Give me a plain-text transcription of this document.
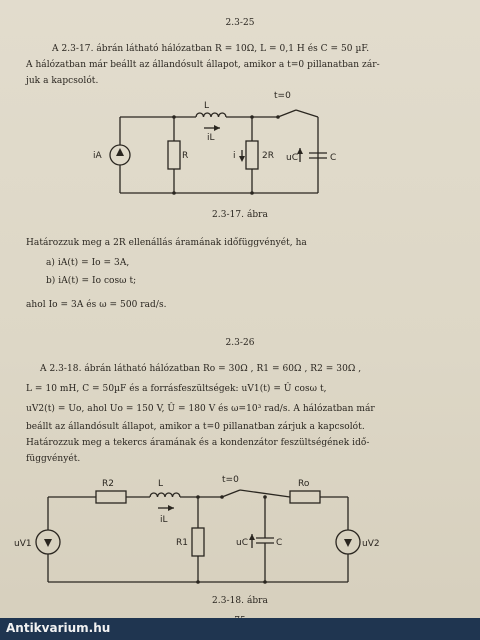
2.3-25
A 2.3-17. ábrán látható hálózatban R = 10Ω, L = 0,1 H és C = 50 µF.
A hálózatban már beállt az állandósult állapot, amikor a t=0 pillanatban zár-
juk a kapcsolót.
iA	R
L
iL
t=0
i	2R uC	C
uV1
R2	L
iL
t=0	Ro
R1	uC	C	uV2
2.3-17. ábra
Határozzuk meg a 2R ellenállás áramának időfüggvényét, ha
a) iA(t) = Io = 3A,
b) iA(t) = Io cosω t;
ahol Io = 3A és ω = 500 rad/s.
2.3-26
A 2.3-18. ábrán látható hálózatban Ro = 30Ω , R1 = 60Ω , R2 = 30Ω ,
L = 10 mH, C = 50µF és a forrásfeszültségek: uV1(t) = Û cosω t,
uV2(t) = Uo, ahol Uo = 150 V, Û = 180 V és ω=10³ rad/s. A hálózatban már
beállt az állandósult állapot, amikor a t=0 pillanatban zárjuk a kapcsolót.
Határozzuk meg a tekercs áramának és a kondenzátor feszültségének idő-
függvényét.
2.3-18. ábra
Antikvarium.hu
